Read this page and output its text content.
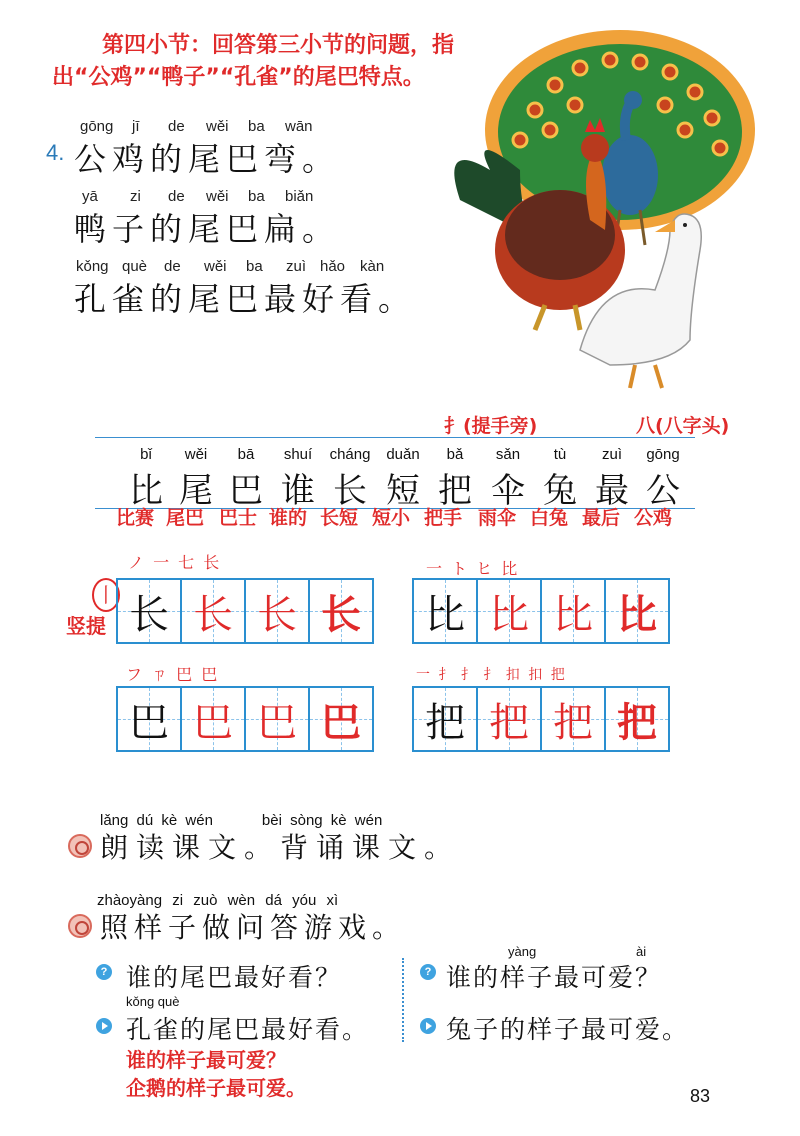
第四小节：回答第三小节的问题，指
出“公鸡”“鸭子”“孔雀”的尾巴特点。
4.
gōng jī de wěi ba wān
公鸡的尾巴弯。
yā zi de wěi ba biǎn
鸭子的尾巴扁。
kǒng què de wěi ba zuì hǎo kàn
孔雀的尾巴最好看。
扌(提手旁)	八(八字头)
bǐ	wěi	bā	shuí	cháng	duǎn	bǎ	sǎn	tù	zuì	gōng
比 尾 巴 谁 长 短 把 伞 兔 最 公
比赛 尾巴 巴士 谁的 长短 短小 把手 雨伞 白兔 最后 公鸡
ノ 一 七 长
丨
竖提 长 长 长 长
一 ト ヒ 比
比 比 比 比
フ ㄗ 巴 巴
巴 巴 巴 巴
一 扌 扌 扌 扣 扣 把
把 把 把 把
lǎng dú kè wén      bèi sòng kè wén
朗读课文。背诵课文。
zhàoyàng zi zuò wèn dá yóu xì
照样子做问答游戏。
? 谁的尾巴最好看？
kǒng què
孔雀的尾巴最好看。
yàng	ài
? 谁的样子最可爱？
兔子的样子最可爱。
谁的样子最可爱？
企鹅的样子最可爱。	83
